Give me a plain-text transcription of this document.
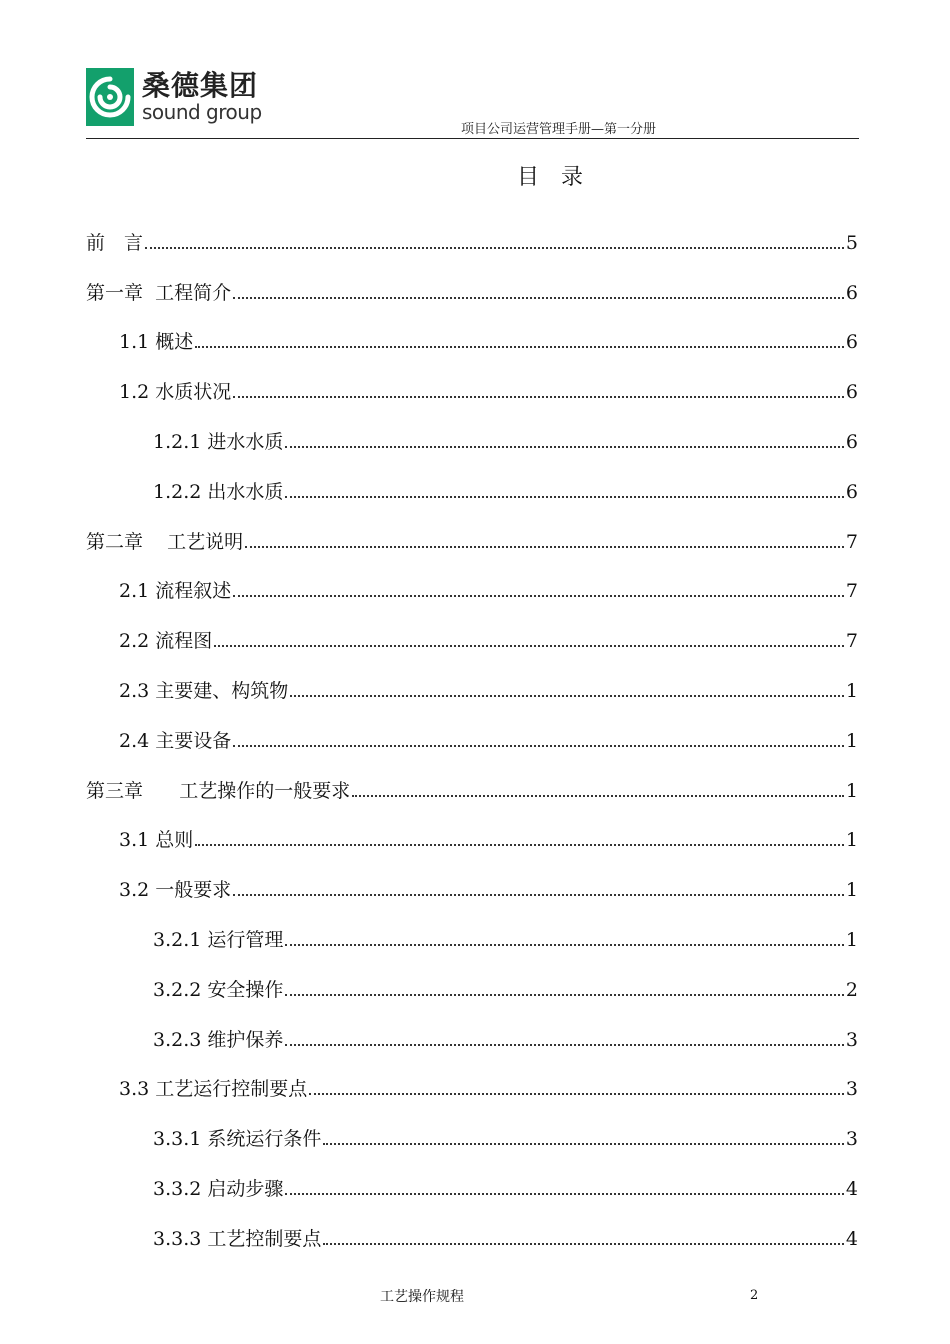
桑德集团
sound group
项目公司运营管理手册—第一分册
目　录
前　言	5
第一章  工程简介	6
1.1 概述	6
1.2 水质状况	6
1.2.1 进水水质	6
1.2.2 出水水质	6
第二章    工艺说明	7
2.1 流程叙述	7
2.2 流程图	7
2.3 主要建、构筑物	1
2.4 主要设备	1
第三章      工艺操作的一般要求	1
3.1 总则	1
3.2 一般要求	1
3.2.1 运行管理	1
3.2.2 安全操作	2
3.2.3 维护保养	3
3.3 工艺运行控制要点	3
3.3.1 系统运行条件	3
3.3.2 启动步骤	4
3.3.3 工艺控制要点	4
工艺操作规程	2
